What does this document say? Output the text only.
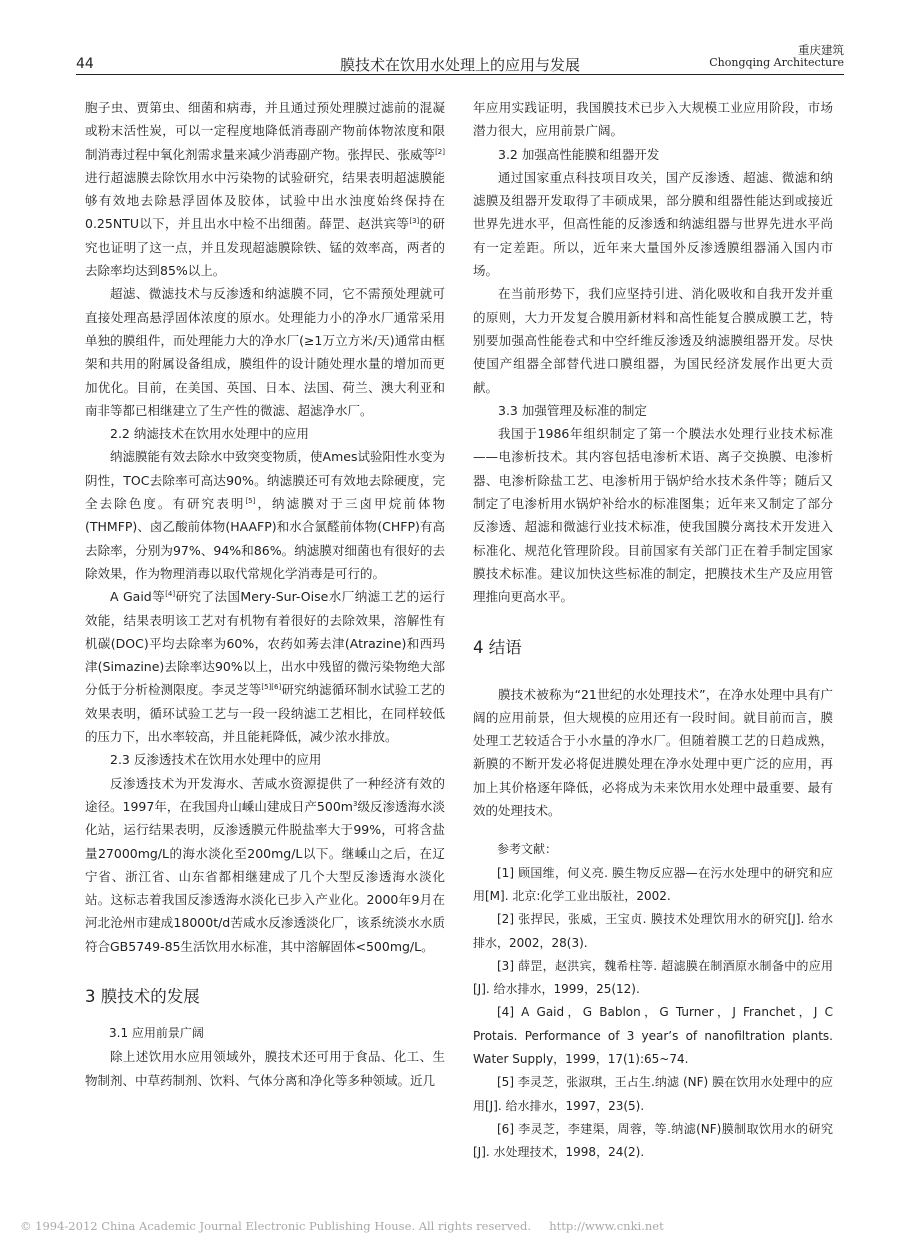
44	膜技术在饮用水处理上的应用与发展
重庆建筑
Chongqing Architecture

胞子虫、贾第虫、细菌和病毒，并且通过预处理膜过滤前的混凝或粉末活性炭，可以一定程度地降低消毒副产物前体物浓度和限制消毒过程中氧化剂需求量来减少消毒副产物。张捍民、张威等[2]进行超滤膜去除饮用水中污染物的试验研究，结果表明超滤膜能够有效地去除悬浮固体及胶体，试验中出水浊度始终保持在0.25NTU以下，并且出水中检不出细菌。薛罡、赵洪宾等[3]的研究也证明了这一点，并且发现超滤膜除铁、锰的效率高，两者的去除率均达到85%以上。

超滤、微滤技术与反渗透和纳滤膜不同，它不需预处理就可直接处理高悬浮固体浓度的原水。处理能力小的净水厂通常采用单独的膜组件，而处理能力大的净水厂(≥1万立方米/天)通常由框架和共用的附属设备组成，膜组件的设计随处理水量的增加而更加优化。目前，在美国、英国、日本、法国、荷兰、澳大利亚和南非等都已相继建立了生产性的微滤、超滤净水厂。

2.2 纳滤技术在饮用水处理中的应用

纳滤膜能有效去除水中致突变物质，使Ames试验阳性水变为阴性，TOC去除率可高达90%。纳滤膜还可有效地去除硬度，完全去除色度。有研究表明[5]，纳滤膜对于三卤甲烷前体物(THMFP)、卤乙酸前体物(HAAFP)和水合氯醛前体物(CHFP)有高去除率，分别为97%、94%和86%。纳滤膜对细菌也有很好的去除效果，作为物理消毒以取代常规化学消毒是可行的。

A Gaid等[4]研究了法国Mery-Sur-Oise水厂纳滤工艺的运行效能，结果表明该工艺对有机物有着很好的去除效果，溶解性有机碳(DOC)平均去除率为60%，农药如莠去津(Atrazine)和西玛津(Simazine)去除率达90%以上，出水中残留的微污染物绝大部分低于分析检测限度。李灵芝等[5][6]研究纳滤循环制水试验工艺的效果表明，循环试验工艺与一段一段纳滤工艺相比，在同样较低的压力下，出水率较高，并且能耗降低，减少浓水排放。

2.3 反渗透技术在饮用水处理中的应用

反渗透技术为开发海水、苦咸水资源提供了一种经济有效的途径。1997年，在我国舟山嵊山建成日产$500m^3$级反渗透海水淡化站，运行结果表明，反渗透膜元件脱盐率大于99%，可将含盐量27000mg/L的海水淡化至200mg/L以下。继嵊山之后，在辽宁省、浙江省、山东省都相继建成了几个大型反渗透海水淡化站。这标志着我国反渗透海水淡化已步入产业化。2000年9月在河北沧州市建成18000t/d苦咸水反渗透淡化厂，该系统淡水水质符合GB5749-85生活饮用水标准，其中溶解固体<500mg/L。

3 膜技术的发展

3.1 应用前景广阔

除上述饮用水应用领域外，膜技术还可用于食品、化工、生物制剂、中草药制剂、饮料、气体分离和净化等多种领域。近几

年应用实践证明，我国膜技术已步入大规模工业应用阶段，市场潜力很大，应用前景广阔。

3.2 加强高性能膜和组器开发

通过国家重点科技项目攻关，国产反渗透、超滤、微滤和纳滤膜及组器开发取得了丰硕成果，部分膜和组器性能达到或接近世界先进水平，但高性能的反渗透和纳滤组器与世界先进水平尚有一定差距。所以，近年来大量国外反渗透膜组器涌入国内市场。

在当前形势下，我们应坚持引进、消化吸收和自我开发并重的原则，大力开发复合膜用新材料和高性能复合膜成膜工艺，特别要加强高性能卷式和中空纤维反渗透及纳滤膜组器开发。尽快使国产组器全部替代进口膜组器，为国民经济发展作出更大贡献。

3.3 加强管理及标准的制定

我国于1986年组织制定了第一个膜法水处理行业技术标准——电渗析技术。其内容包括电渗析术语、离子交换膜、电渗析器、电渗析除盐工艺、电渗析用于锅炉给水技术条件等；随后又制定了电渗析用水锅炉补给水的标准图集；近年来又制定了部分反渗透、超滤和微滤行业技术标准，使我国膜分离技术开发进入标准化、规范化管理阶段。目前国家有关部门正在着手制定国家膜技术标准。建议加快这些标准的制定，把膜技术生产及应用管理推向更高水平。

4 结语

膜技术被称为“21世纪的水处理技术”，在净水处理中具有广阔的应用前景，但大规模的应用还有一段时间。就目前而言，膜处理工艺较适合于小水量的净水厂。但随着膜工艺的日趋成熟，新膜的不断开发必将促进膜处理在净水处理中更广泛的应用，再加上其价格逐年降低，必将成为未来饮用水处理中最重要、最有效的处理技术。

参考文献：

[1] 顾国维，何义亮. 膜生物反应器—在污水处理中的研究和应用[M]. 北京:化学工业出版社，2002.

[2] 张捍民，张威，王宝贞. 膜技术处理饮用水的研究[J]. 给水排水，2002，28(3).

[3] 薛罡，赵洪宾，魏希柱等. 超滤膜在制酒原水制备中的应用[J]. 给水排水，1999，25(12).

[4] A Gaid，G Bablon，G Turner，J Franchet，J C Protais. Performance of 3 year’s of nanofiltration plants. Water Supply，1999，17(1):65~74.

[5] 李灵芝，张淑琪，王占生.纳滤 (NF) 膜在饮用水处理中的应用[J]. 给水排水，1997，23(5).

[6] 李灵芝，李建渠，周蓉，等.纳滤(NF)膜制取饮用水的研究[J]. 水处理技术，1998，24(2).

© 1994-2012 China Academic Journal Electronic Publishing House. All rights reserved. http://www.cnki.net
